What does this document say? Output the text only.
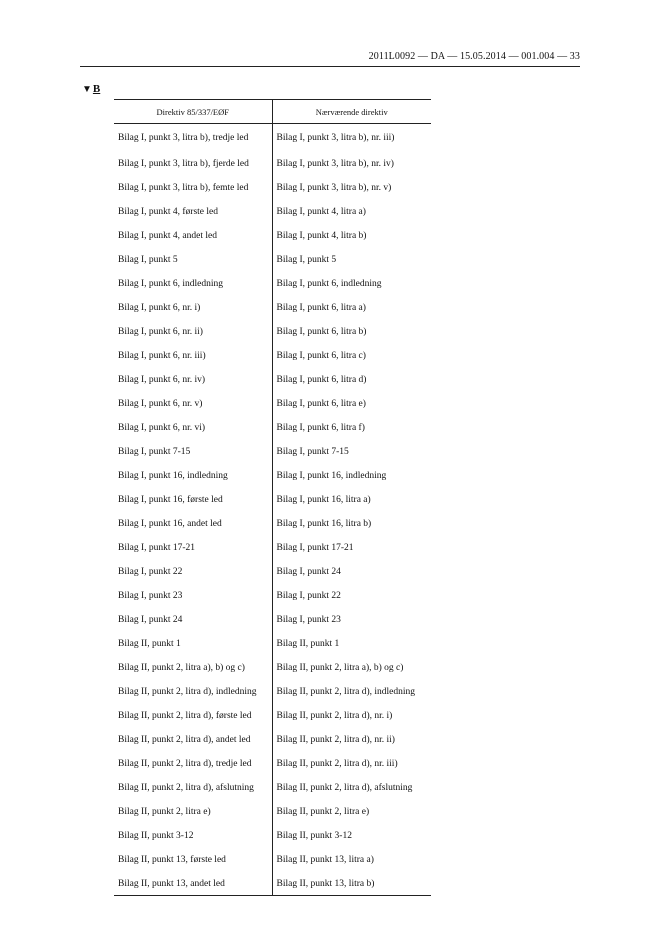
2011L0092 — DA — 15.05.2014 — 001.004 — 33
▼B
Direktiv 85/337/EØF	Nærværende direktiv
Bilag I, punkt 3, litra b), tredje led	Bilag I, punkt 3, litra b), nr. iii)
Bilag I, punkt 3, litra b), fjerde led	Bilag I, punkt 3, litra b), nr. iv)
Bilag I, punkt 3, litra b), femte led	Bilag I, punkt 3, litra b), nr. v)
Bilag I, punkt 4, første led	Bilag I, punkt 4, litra a)
Bilag I, punkt 4, andet led	Bilag I, punkt 4, litra b)
Bilag I, punkt 5	Bilag I, punkt 5
Bilag I, punkt 6, indledning	Bilag I, punkt 6, indledning
Bilag I, punkt 6, nr. i)	Bilag I, punkt 6, litra a)
Bilag I, punkt 6, nr. ii)	Bilag I, punkt 6, litra b)
Bilag I, punkt 6, nr. iii)	Bilag I, punkt 6, litra c)
Bilag I, punkt 6, nr. iv)	Bilag I, punkt 6, litra d)
Bilag I, punkt 6, nr. v)	Bilag I, punkt 6, litra e)
Bilag I, punkt 6, nr. vi)	Bilag I, punkt 6, litra f)
Bilag I, punkt 7-15	Bilag I, punkt 7-15
Bilag I, punkt 16, indledning	Bilag I, punkt 16, indledning
Bilag I, punkt 16, første led	Bilag I, punkt 16, litra a)
Bilag I, punkt 16, andet led	Bilag I, punkt 16, litra b)
Bilag I, punkt 17-21	Bilag I, punkt 17-21
Bilag I, punkt 22	Bilag I, punkt 24
Bilag I, punkt 23	Bilag I, punkt 22
Bilag I, punkt 24	Bilag I, punkt 23
Bilag II, punkt 1	Bilag II, punkt 1
Bilag II, punkt 2, litra a), b) og c)	Bilag II, punkt 2, litra a), b) og c)
Bilag II, punkt 2, litra d), indledning	Bilag II, punkt 2, litra d), indledning
Bilag II, punkt 2, litra d), første led	Bilag II, punkt 2, litra d), nr. i)
Bilag II, punkt 2, litra d), andet led	Bilag II, punkt 2, litra d), nr. ii)
Bilag II, punkt 2, litra d), tredje led	Bilag II, punkt 2, litra d), nr. iii)
Bilag II, punkt 2, litra d), afslutning	Bilag II, punkt 2, litra d), afslutning
Bilag II, punkt 2, litra e)	Bilag II, punkt 2, litra e)
Bilag II, punkt 3-12	Bilag II, punkt 3-12
Bilag II, punkt 13, første led	Bilag II, punkt 13, litra a)
Bilag II, punkt 13, andet led	Bilag II, punkt 13, litra b)
